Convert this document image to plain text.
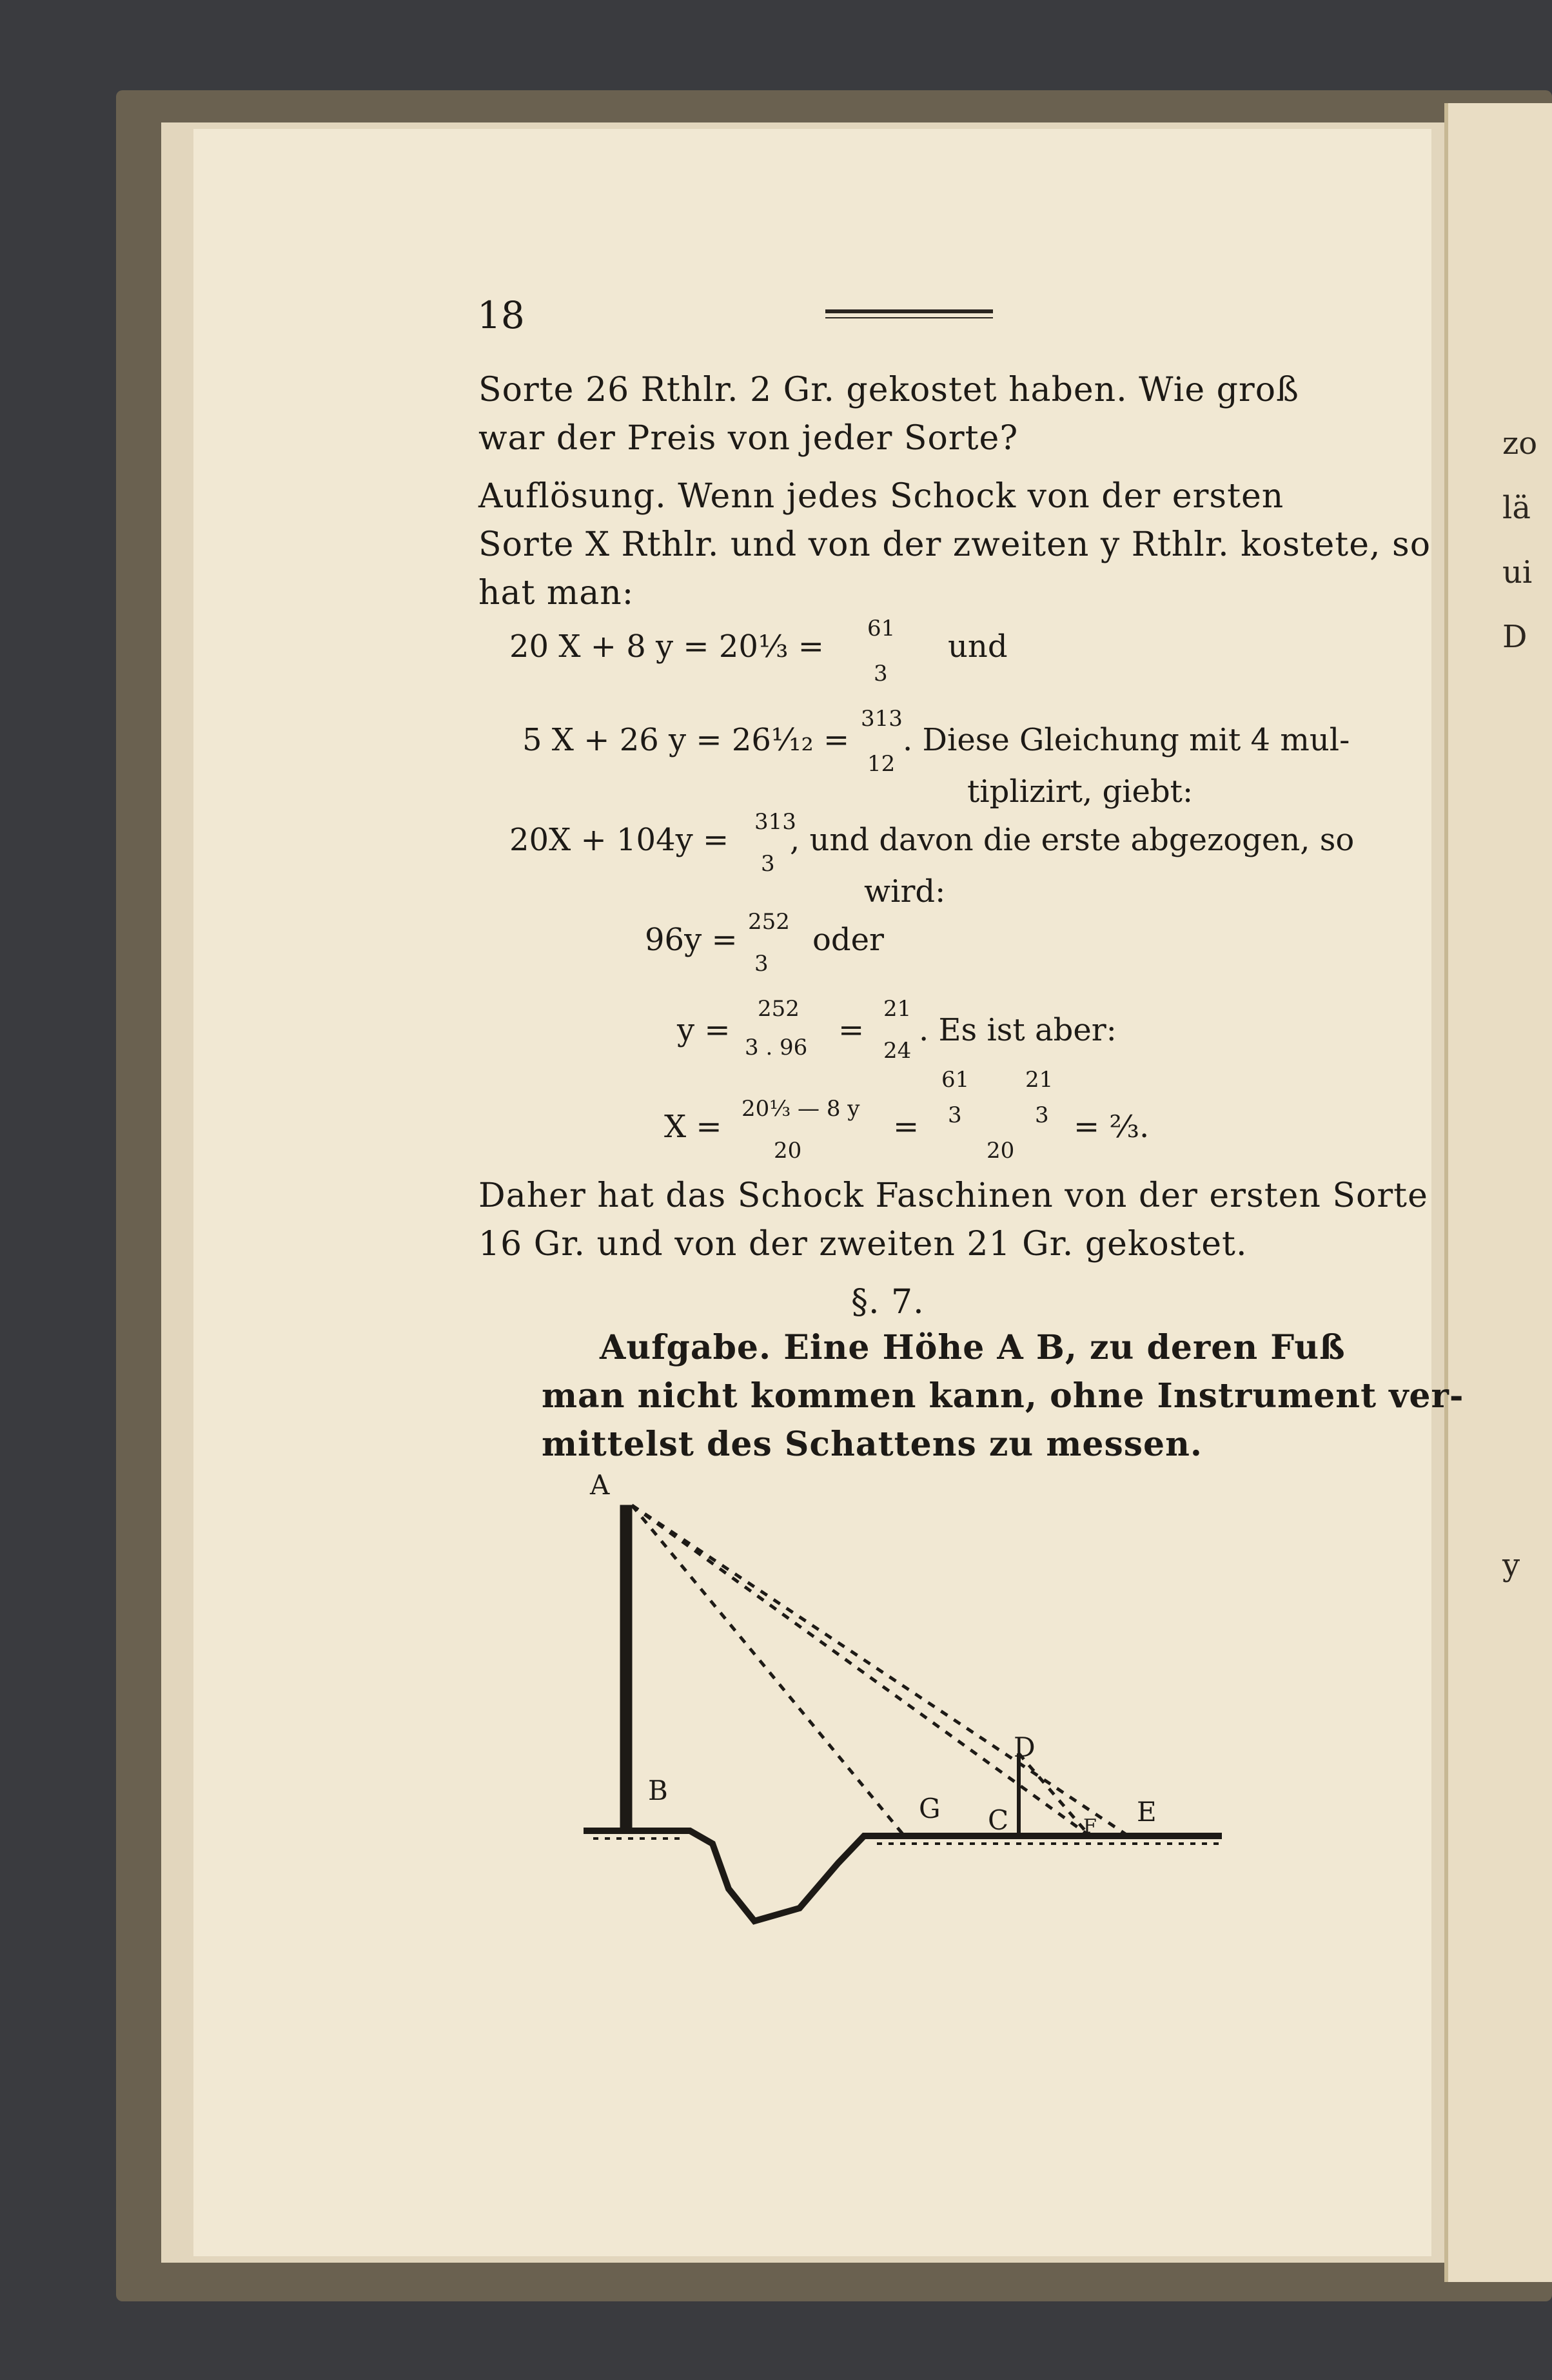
zo
lä
ui
D
y
18
Sorte 26 Rthlr. 2 Gr. gekostet haben. Wie groß
war der Preis von jeder Sorte?
Auflösung. Wenn jedes Schock von der ersten
Sorte X Rthlr. und von der zweiten y Rthlr. kostete, so
hat man:
20 X + 8 y = 20⅓ = 61
3
und
5 X + 26 y = 26¹⁄₁₂ =
313
12
. Diese Gleichung mit 4 mul-
tiplizirt, giebt:
20X + 104y = 313
3
, und davon die erste abgezogen, so
wird:
96y = 252
3
oder
y =
252
3 . 96 =
21
24
. Es ist aber:
X = 20⅓ — 8 y
20
=
61
3
21
3
20
= ⅔.
Daher hat das Schock Faschinen von der ersten Sorte
16 Gr. und von der zweiten 21 Gr. gekostet.
§. 7.
Aufgabe. Eine Höhe A B, zu deren Fuß
man nicht kommen kann, ohne Instrument ver-
mittelst des Schattens zu messen.
A
B
C
D
E
F
G
